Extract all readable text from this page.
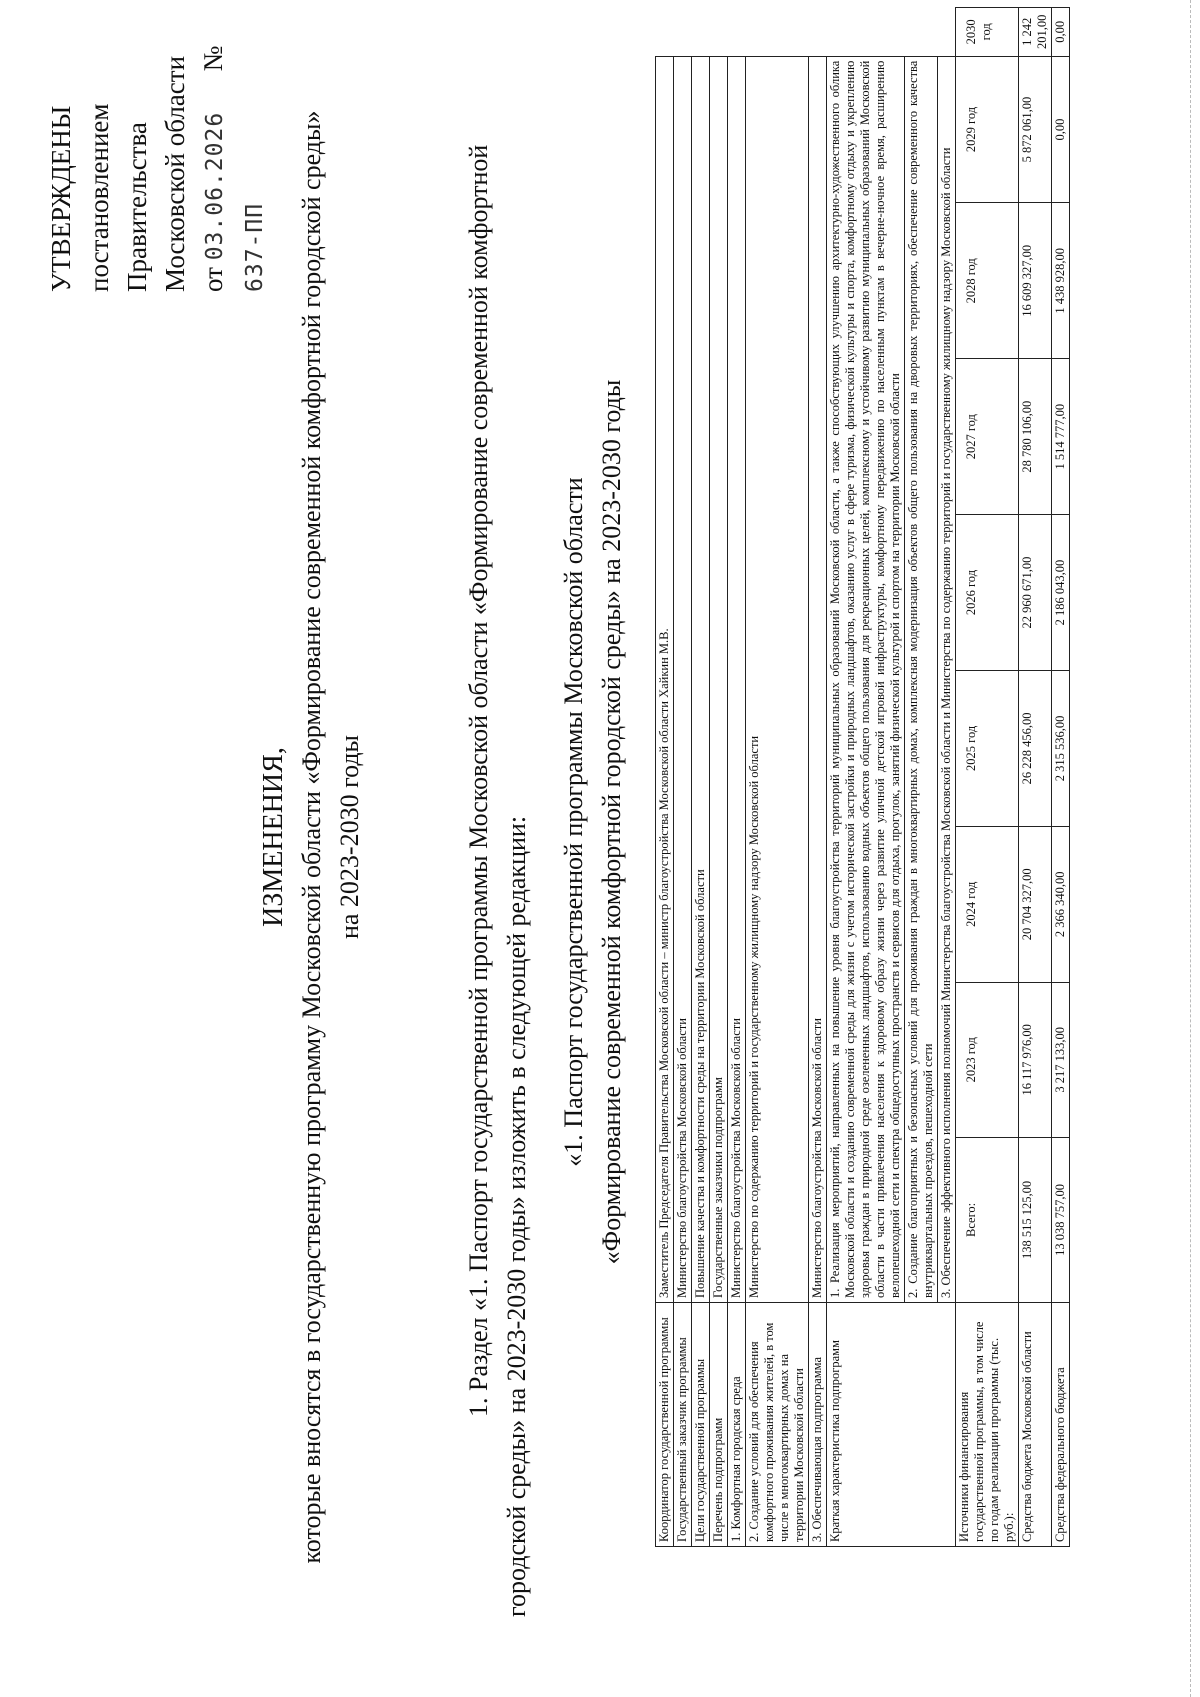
УТВЕРЖДЕНЫ постановлением Правительства Московской области от 03.06.2026      № 637-ПП
ИЗМЕНЕНИЯ, которые вносятся в государственную программу Московской области «Формирование современной комфортной городской среды» на 2023-2030 годы	1. Раздел «1. Паспорт государственной программы Московской области «Формирование современной комфортной городской среды» на 2023-2030 годы» изложить в следующей редакции: «1. Паспорт государственной программы Московской области «Формирование современной комфортной городской среды» на 2023-2030 годы
Координатор государственной программы	Заместитель Председателя Правительства Московской области – министр благоустройства Московской области Хайкин М.В.								
Государственный заказчик программы	Министерство благоустройства Московской области								
Цели государственной программы	Повышение качества и комфортности среды на территории Московской области								
Перечень подпрограмм	Государственные заказчики подпрограмм								
1. Комфортная городская среда	Министерство благоустройства Московской области								
2. Создание условий для обеспечения комфортного проживания жителей, в том числе в многоквартирных домах на территории Московской области	Министерство по содержанию территорий и государственному жилищному надзору Московской области								
3. Обеспечивающая подпрограмма	Министерство благоустройства Московской области								
Краткая характеристика подпрограмм	1. Реализация мероприятий, направленных на повышение уровня благоустройства территорий муниципальных образований Московской области, а также способствующих улучшению архитектурно-художественного облика Московской области и созданию современной среды для жизни с учетом исторической застройки и природных ландшафтов, оказанию услуг в сфере туризма, физической культуры и спорта, комфортному отдыху и укреплению здоровья граждан в природной среде озелененных ландшафтов, использованию водных объектов общего пользования для рекреационных целей, комплексному и устойчивому развитию муниципальных образований Московской области в части привлечения населения к здоровому образу жизни через развитие уличной детской игровой инфраструктуры, комфортному передвижению по населенным пунктам в вечерне-ночное время, расширению велопешеходной сети и спектра общедоступных пространств и сервисов для отдыха, прогулок, занятий физической культурой и спортом на территории Московской области								
	2. Создание благоприятных и безопасных условий для проживания граждан в многоквартирных домах, комплексная модернизация объектов общего пользования на дворовых территориях, обеспечение современного качества внутриквартальных проездов, пешеходной сети								
	3. Обеспечение эффективного исполнения полномочий Министерства благоустройства Московской области и Министерства по содержанию территорий и государственному жилищному надзору Московской области								
Источники финансирования государственной программы, в том числе по годам реализации программы (тыс. руб.):	Всего:	2023 год	2024 год	2025 год	2026 год	2027 год	2028 год	2029 год	2030 год
Средства бюджета Московской области	138 515 125,00	16 117 976,00	20 704 327,00	26 228 456,00	22 960 671,00	28 780 106,00	16 609 327,00	5 872 061,00	1 242 201,00
Средства федерального бюджета	13 038 757,00	3 217 133,00	2 366 340,00	2 315 536,00	2 186 043,00	1 514 777,00	1 438 928,00	0,00	0,00
